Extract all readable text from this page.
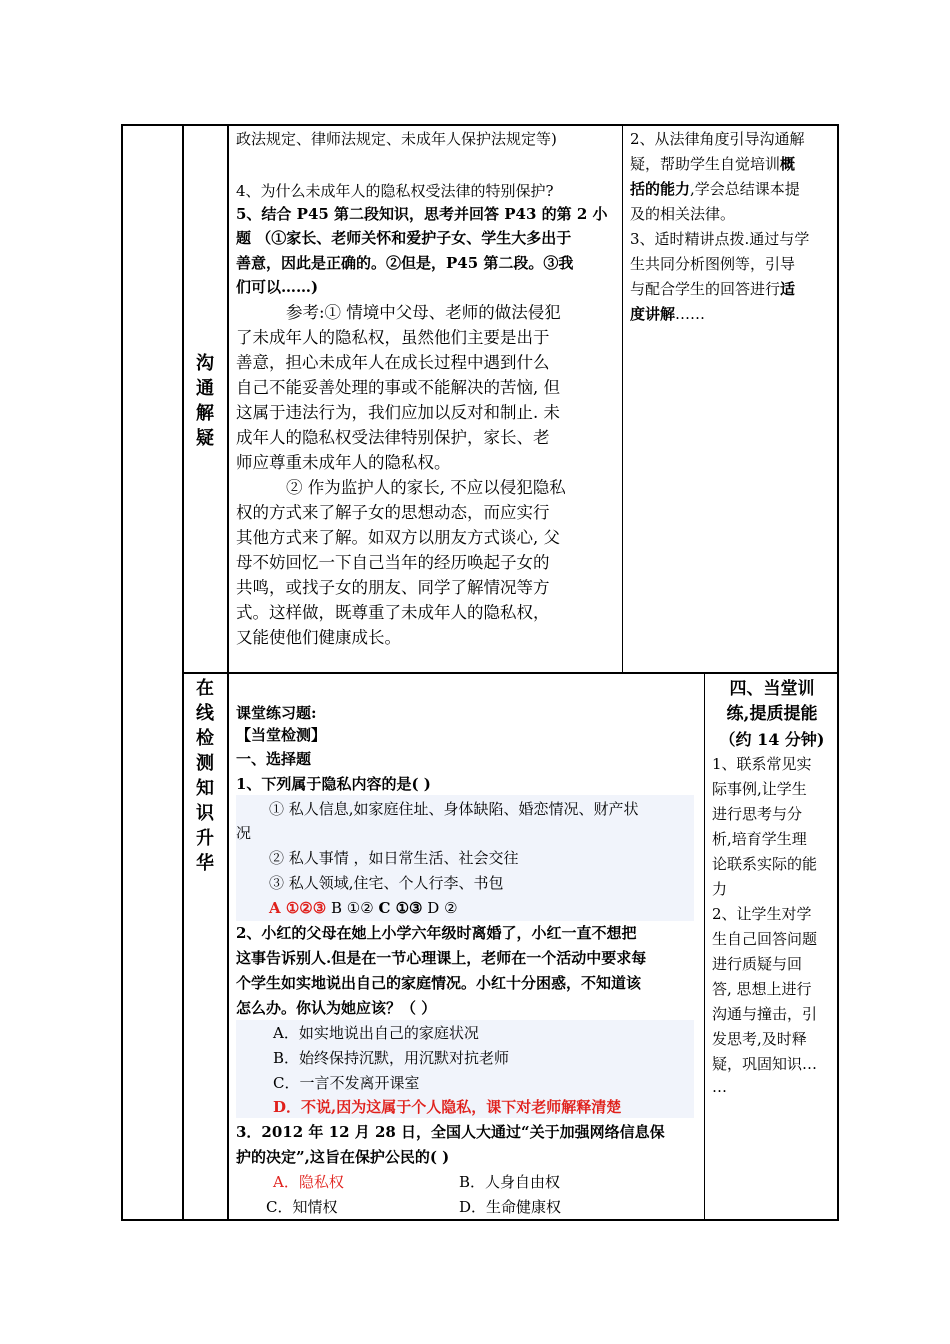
沟通解疑
政法规定、律师法规定、未成年人保护法规定等)
4、为什么未成年人的隐私权受法律的特别保护?
5、结合 P45 第二段知识，思考并回答 P43 的第 2 小
题 （①家长、老师关怀和爱护子女、学生大多出于
善意，因此是正确的。②但是，P45 第二段。③我
们可以……)
参考:① 情境中父母、老师的做法侵犯
了未成年人的隐私权，虽然他们主要是出于
善意，担心未成年人在成长过程中遇到什么
自己不能妥善处理的事或不能解决的苦恼, 但
这属于违法行为，我们应加以反对和制止. 未
成年人的隐私权受法律特别保护，家长、老
师应尊重未成年人的隐私权。
② 作为监护人的家长, 不应以侵犯隐私
权的方式来了解子女的思想动态，而应实行
其他方式来了解。如双方以朋友方式谈心, 父
母不妨回忆一下自己当年的经历唤起子女的
共鸣，或找子女的朋友、同学了解情况等方
式。这样做，既尊重了未成年人的隐私权，
又能使他们健康成长。
2、从法律角度引导沟通解
疑，帮助学生自觉培训概
括的能力,学会总结课本提
及的相关法律。
3、适时精讲点拨.通过与学
生共同分析图例等，引导
与配合学生的回答进行适
度讲解……
在线检测知识升华
课堂练习题:
【当堂检测】
一、选择题
1、下列属于隐私内容的是( )
① 私人信息,如家庭住址、身体缺陷、婚恋情况、财产状
况
② 私人事情 ，如日常生活、社会交往
③ 私人领域,住宅、个人行李、书包
A ①②③ B ①② C ①③ D ②
2、小红的父母在她上小学六年级时离婚了，小红一直不想把
这事告诉别人.但是在一节心理课上，老师在一个活动中要求每
个学生如实地说出自己的家庭情况。小红十分困惑，不知道该
怎么办。你认为她应该？（ ）
A．如实地说出自己的家庭状况
B．始终保持沉默，用沉默对抗老师
C．一言不发离开课室
D．不说,因为这属于个人隐私，课下对老师解释清楚
3．2012 年 12 月 28 日，全国人大通过“关于加强网络信息保
护的决定”,这旨在保护公民的( )
A．隐私权	B．人身自由权
C．知情权	D．生命健康权
四、当堂训
练,提质提能
（约 14 分钟)
1、联系常见实
际事例,让学生
进行思考与分
析,培育学生理
论联系实际的能
力
2、让学生对学
生自己回答问题
进行质疑与回
答, 思想上进行
沟通与撞击，引
发思考,及时释
疑，巩固知识…
…
